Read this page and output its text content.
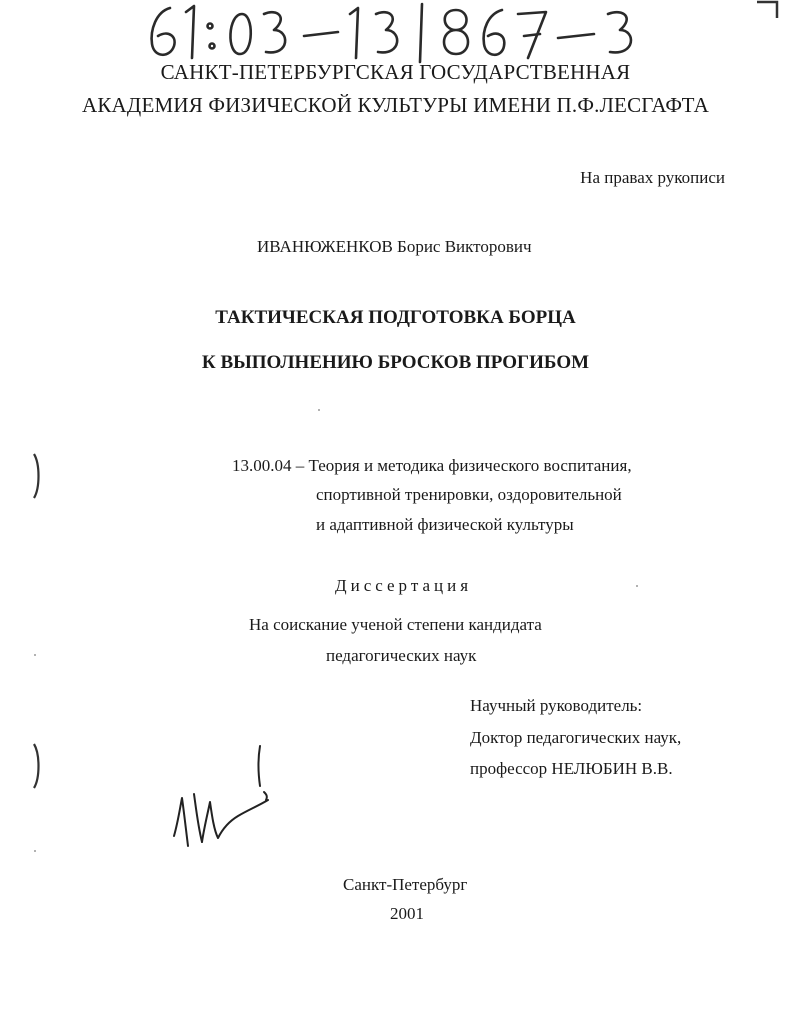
САНКТ-ПЕТЕРБУРГСКАЯ ГОСУДАРСТВЕННАЯ
АКАДЕМИЯ ФИЗИЧЕСКОЙ КУЛЬТУРЫ ИМЕНИ П.Ф.ЛЕСГАФТА
На правах рукописи
ИВАНЮЖЕНКОВ Борис Викторович
ТАКТИЧЕСКАЯ ПОДГОТОВКА БОРЦА
К ВЫПОЛНЕНИЮ БРОСКОВ ПРОГИБОМ
13.00.04 – Теория и методика физического воспитания,
спортивной тренировки, оздоровительной
и адаптивной физической культуры
Диссертация
На соискание ученой степени кандидата
педагогических наук
Научный руководитель:
Доктор педагогических наук,
профессор НЕЛЮБИН В.В.
Санкт-Петербург
2001
